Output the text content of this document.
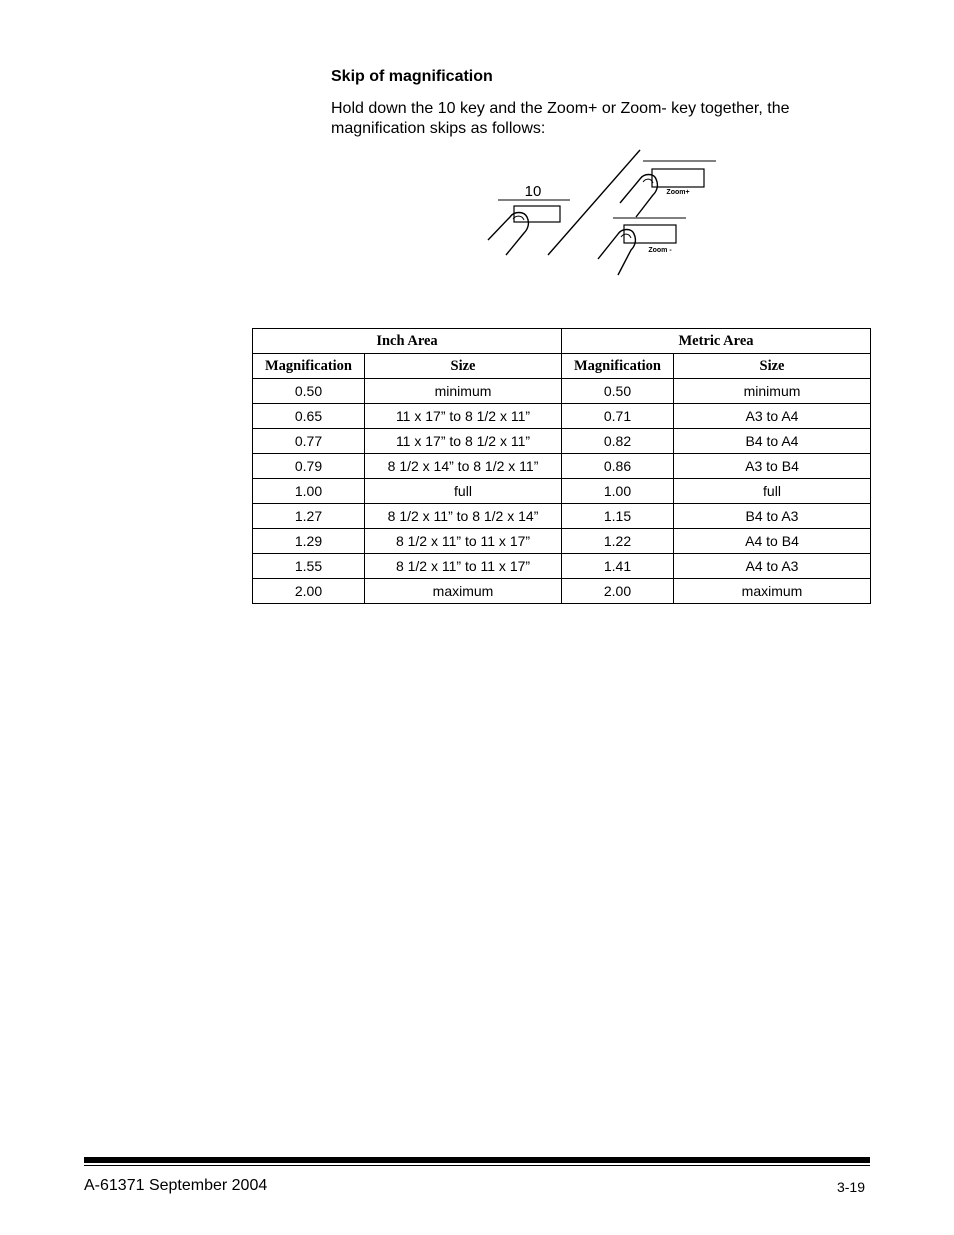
Skip of magnification
Hold down the 10 key and the Zoom+ or Zoom- key together, the magnification skips as follows:
10	Zoom+
Zoom -
Inch Area		Metric Area	
Magnification	Size	Magnification	Size
0.50	minimum	0.50	minimum
0.65	11 x 17” to 8 1/2 x 11”	0.71	A3 to A4
0.77	11 x 17” to 8 1/2 x 11”	0.82	B4 to A4
0.79	8 1/2 x 14” to 8 1/2 x 11”	0.86	A3 to B4
1.00	full	1.00	full
1.27	8 1/2 x 11” to 8 1/2 x 14”	1.15	B4 to A3
1.29	8 1/2 x 11” to 11 x 17”	1.22	A4 to B4
1.55	8 1/2 x 11” to 11 x 17”	1.41	A4 to A3
2.00	maximum	2.00	maximum
A-61371 September 2004	3-19
